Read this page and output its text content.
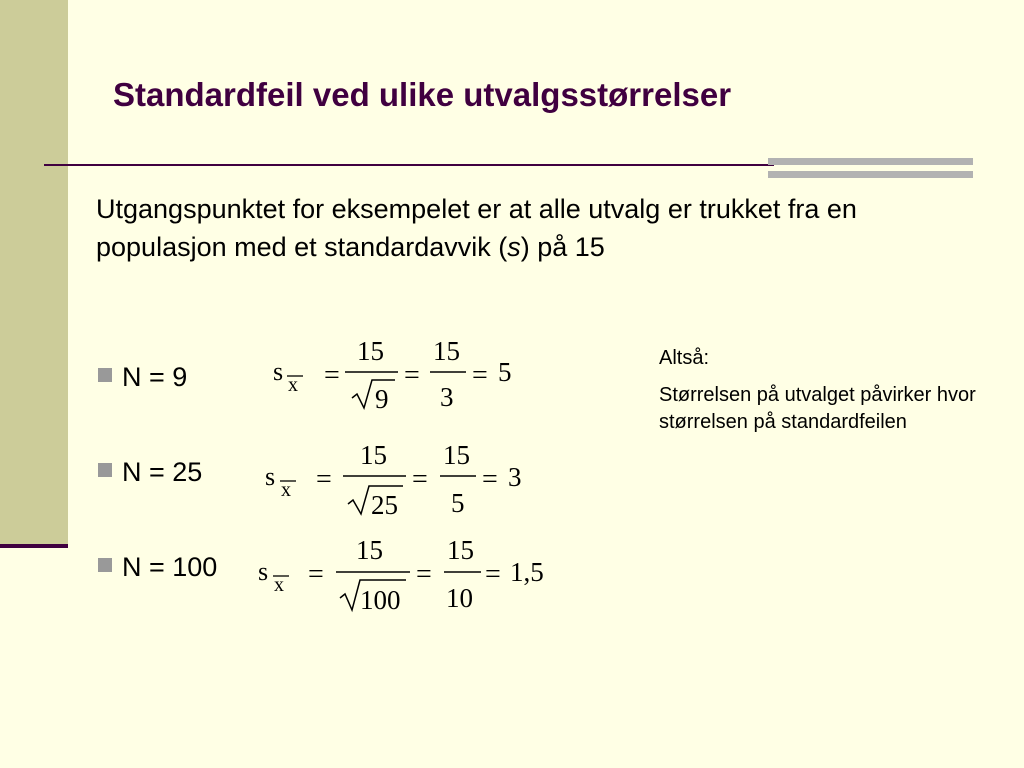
Standardfeil ved ulike utvalgsstørrelser
Utgangspunktet for eksempelet er at alle utvalg er trukket fra en populasjon med et standardavvik (s) på 15
N = 9
N = 25
N = 100
s x =
15
9
=
15
3
= 5
s x =
15
25
=
15
5
= 3
s x =
15
100
=
15
10
= 1,5

Altså:

Størrelsen på utvalget påvirker hvor størrelsen på standardfeilen
